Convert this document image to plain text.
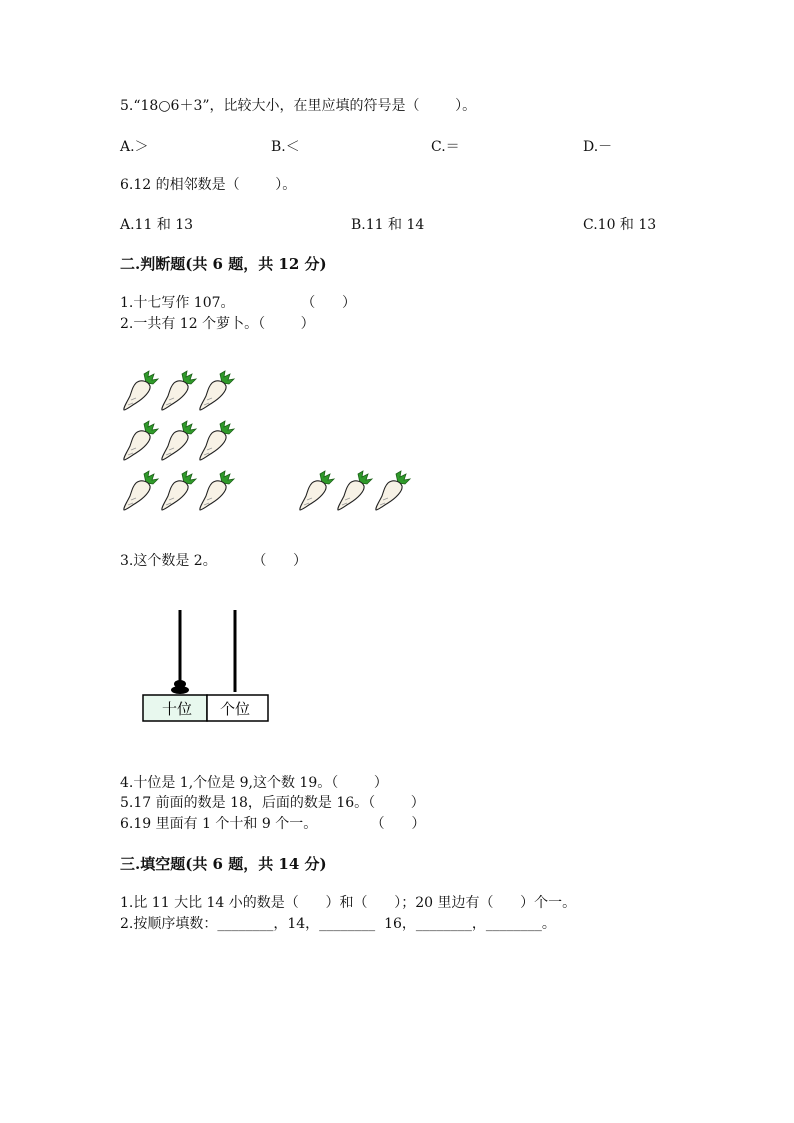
5.“18○6＋3”，比较大小，在里应填的符号是（        ）。
A.＞	B.＜	C.＝	D.－
6.12 的相邻数是（        ）。
A.11 和 13	B.11 和 14	C.10 和 13
二.判断题(共 6 题，共 12 分)
1.十七写作 107。               （      ）
2.一共有 12 个萝卜。（        ）
3.这个数是 2。        （      ）
十位 个位
4.十位是 1,个位是 9,这个数 19。（        ）
5.17 前面的数是 18，后面的数是 16。（        ）
6.19 里面有 1 个十和 9 个一。            （      ）
三.填空题(共 6 题，共 14 分)
1.比 11 大比 14 小的数是（      ）和（      ）；20 里边有（      ）个一。
2.按顺序填数：________，14，________  16，________，________。
